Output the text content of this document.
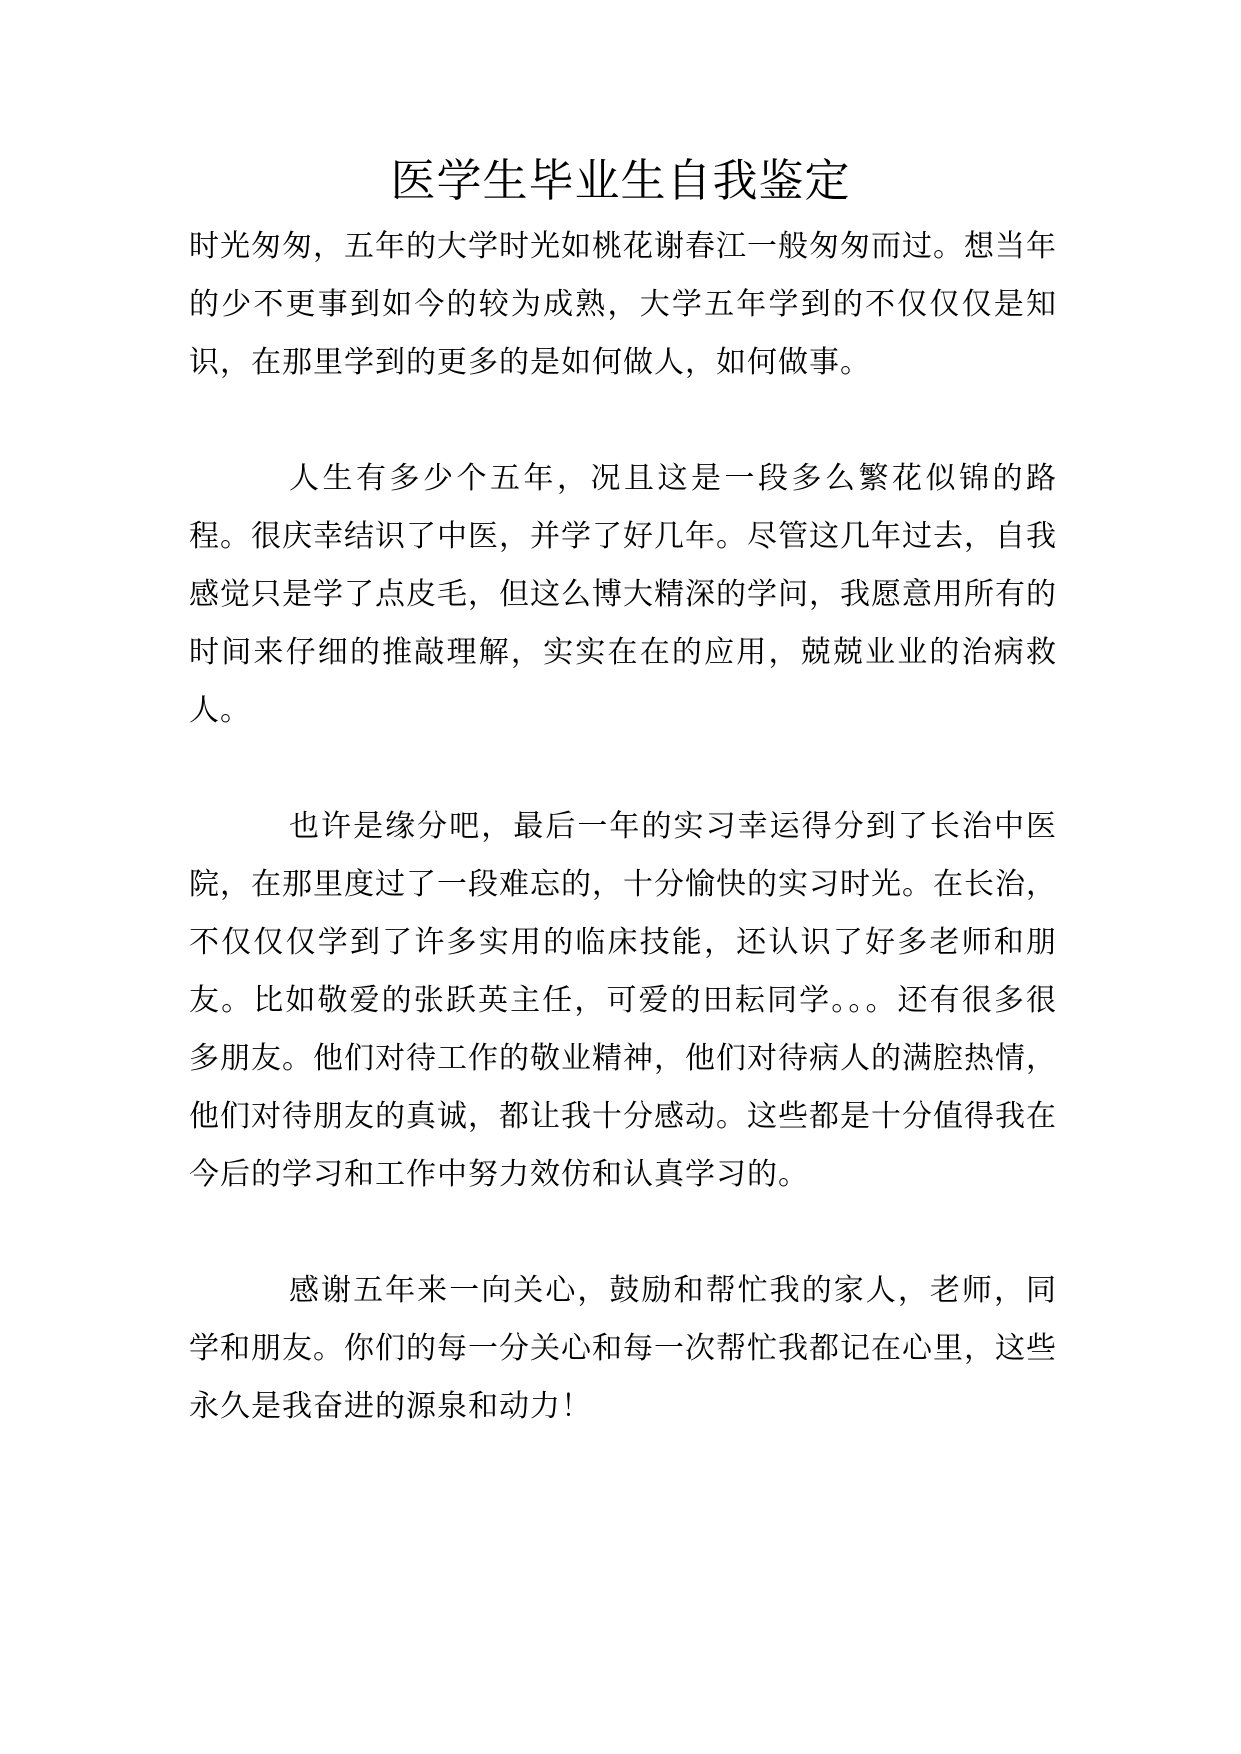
医学生毕业生自我鉴定

时光匆匆，五年的大学时光如桃花谢春江一般匆匆而过。想当年的少不更事到如今的较为成熟，大学五年学到的不仅仅仅是知识，在那里学到的更多的是如何做人，如何做事。

人生有多少个五年，况且这是一段多么繁花似锦的路程。很庆幸结识了中医，并学了好几年。尽管这几年过去，自我感觉只是学了点皮毛，但这么博大精深的学问，我愿意用所有的时间来仔细的推敲理解，实实在在的应用，兢兢业业的治病救人。

也许是缘分吧，最后一年的实习幸运得分到了长治中医院，在那里度过了一段难忘的，十分愉快的实习时光。在长治，不仅仅仅学到了许多实用的临床技能，还认识了好多老师和朋友。比如敬爱的张跃英主任，可爱的田耘同学。。。还有很多很多朋友。他们对待工作的敬业精神，他们对待病人的满腔热情，他们对待朋友的真诚，都让我十分感动。这些都是十分值得我在今后的学习和工作中努力效仿和认真学习的。

感谢五年来一向关心，鼓励和帮忙我的家人，老师，同学和朋友。你们的每一分关心和每一次帮忙我都记在心里，这些永久是我奋进的源泉和动力！
